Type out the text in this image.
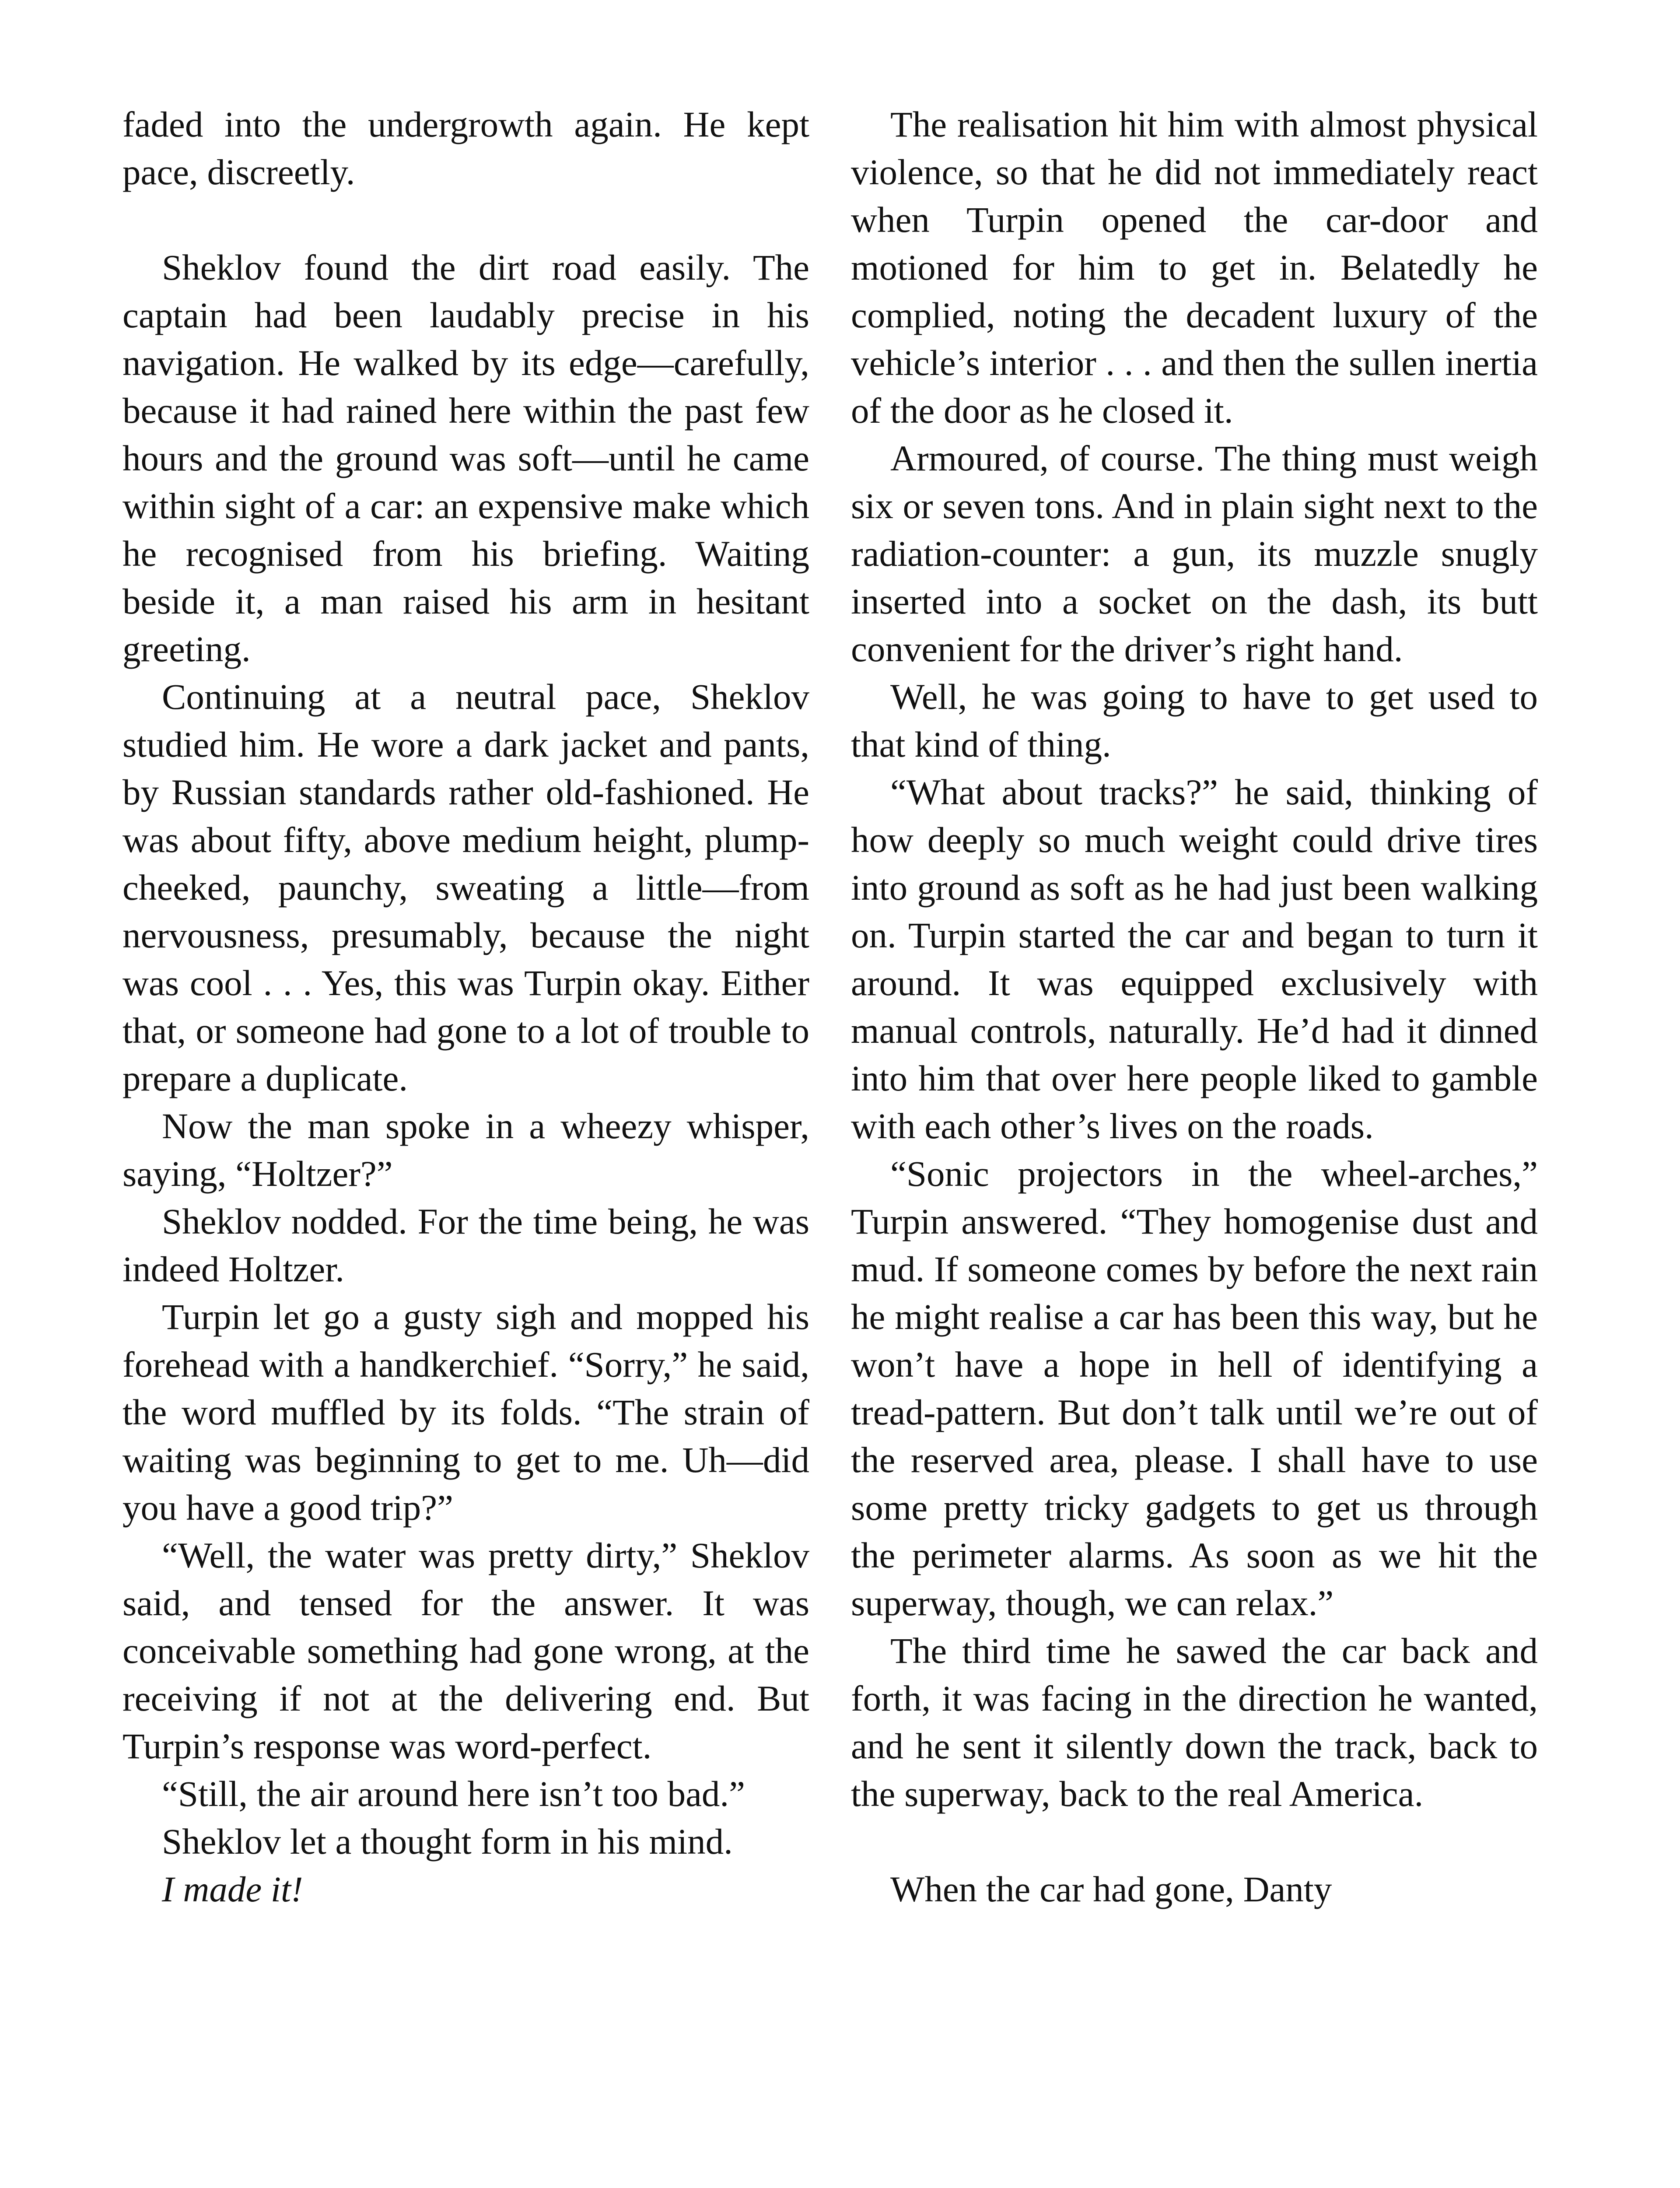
faded into the undergrowth again. He kept pace, discreetly.

Sheklov found the dirt road easily. The captain had been laudably precise in his navigation. He walked by its edge—carefully, because it had rained here within the past few hours and the ground was soft—until he came within sight of a car: an expensive make which he recognised from his briefing. Waiting beside it, a man raised his arm in hesitant greeting.

Continuing at a neutral pace, Sheklov studied him. He wore a dark jacket and pants, by Russian standards rather old-fashioned. He was about fifty, above medium height, plump-cheeked, paunchy, sweating a little—from nervousness, presumably, because the night was cool . . . Yes, this was Turpin okay. Either that, or someone had gone to a lot of trouble to prepare a duplicate.

Now the man spoke in a wheezy whisper, saying, “Holtzer?”

Sheklov nodded. For the time being, he was indeed Holtzer.

Turpin let go a gusty sigh and mopped his forehead with a handkerchief. “Sorry,” he said, the word muffled by its folds. “The strain of waiting was beginning to get to me. Uh—did you have a good trip?”

“Well, the water was pretty dirty,” Sheklov said, and tensed for the answer. It was conceivable something had gone wrong, at the receiving if not at the delivering end. But Turpin’s response was word-perfect.

“Still, the air around here isn’t too bad.”

Sheklov let a thought form in his mind.

I made it!

The realisation hit him with almost physical violence, so that he did not immediately react when Turpin opened the car-door and motioned for him to get in. Belatedly he complied, noting the decadent luxury of the vehicle’s interior . . . and then the sullen inertia of the door as he closed it.

Armoured, of course. The thing must weigh six or seven tons. And in plain sight next to the radiation-counter: a gun, its muzzle snugly inserted into a socket on the dash, its butt convenient for the driver’s right hand.

Well, he was going to have to get used to that kind of thing.

“What about tracks?” he said, thinking of how deeply so much weight could drive tires into ground as soft as he had just been walking on. Turpin started the car and began to turn it around. It was equipped exclusively with manual controls, naturally. He’d had it dinned into him that over here people liked to gamble with each other’s lives on the roads.

“Sonic projectors in the wheel-arches,” Turpin answered. “They homogenise dust and mud. If someone comes by before the next rain he might realise a car has been this way, but he won’t have a hope in hell of identifying a tread-pattern. But don’t talk until we’re out of the reserved area, please. I shall have to use some pretty tricky gadgets to get us through the perimeter alarms. As soon as we hit the superway, though, we can relax.”

The third time he sawed the car back and forth, it was facing in the direction he wanted, and he sent it silently down the track, back to the superway, back to the real America.

When the car had gone, Danty
